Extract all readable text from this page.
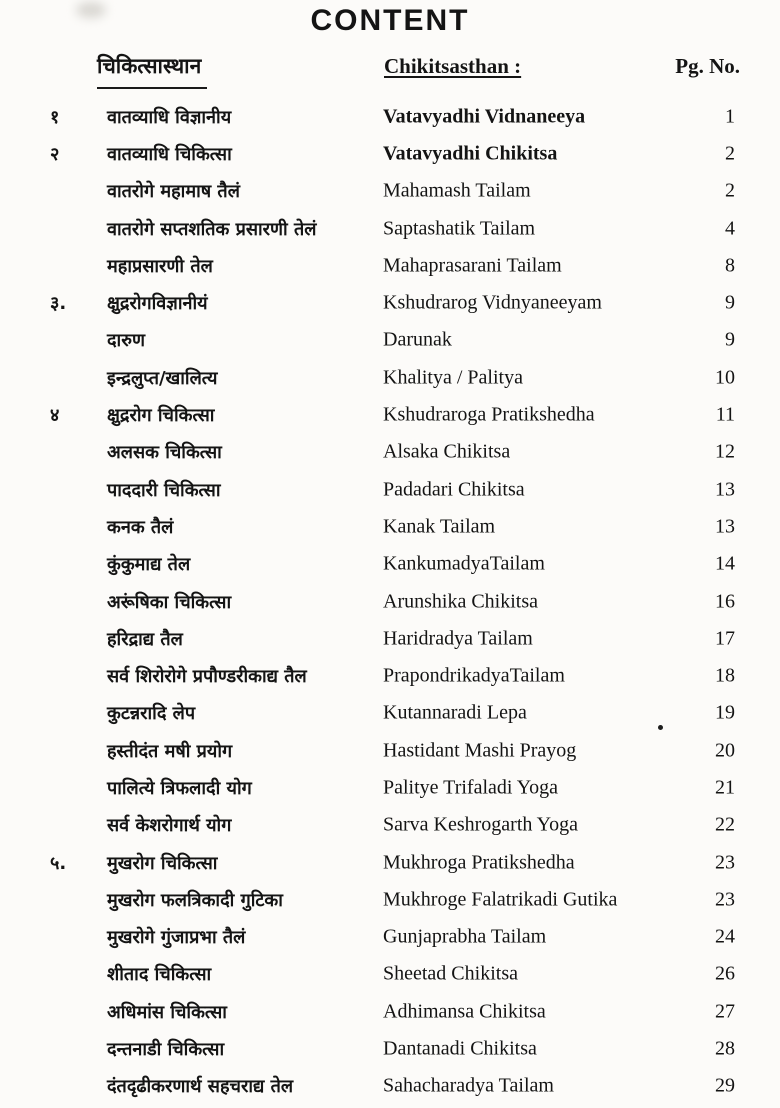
CONTENT
चिकित्सास्थान	Chikitsasthan :	Pg. No.
१	वातव्याधि विज्ञानीय	Vatavyadhi Vidnaneeya	1
२	वातव्याधि चिकित्सा	Vatavyadhi Chikitsa	2
वातरोगे महामाष तैलं	Mahamash Tailam	2
वातरोगे सप्तशतिक प्रसारणी तेलं	Saptashatik Tailam	4
महाप्रसारणी तेल	Mahaprasarani Tailam	8
३. क्षुद्ररोगविज्ञानीयं	Kshudrarog Vidnyaneeyam	9
दारुण	Darunak	9
इन्द्रलुप्त/खालित्य	Khalitya / Palitya	10
४	क्षुद्ररोग चिकित्सा	Kshudraroga Pratikshedha	11
अलसक चिकित्सा	Alsaka Chikitsa	12
पाददारी चिकित्सा	Padadari Chikitsa	13
कनक तैलं	Kanak Tailam	13
कुंकुमाद्य तेल	KankumadyaTailam	14
अरूंषिका चिकित्सा	Arunshika Chikitsa	16
हरिद्राद्य तैल	Haridradya Tailam	17
सर्व शिरोरोगे प्रपौण्डरीकाद्य तैल	PrapondrikadyaTailam	18
कुटन्नरादि लेप	Kutannaradi Lepa	19
हस्तीदंत मषी प्रयोग	Hastidant Mashi Prayog	20
पालित्ये त्रिफलादी योग	Palitye Trifaladi Yoga	21
सर्व केशरोगार्थ योग	Sarva Keshrogarth Yoga	22
५. मुखरोग चिकित्सा	Mukhroga Pratikshedha	23
मुखरोग फलत्रिकादी गुटिका	Mukhroge Falatrikadi Gutika	23
मुखरोगे गुंजाप्रभा तैलं	Gunjaprabha Tailam	24
शीताद चिकित्सा	Sheetad Chikitsa	26
अधिमांस चिकित्सा	Adhimansa Chikitsa	27
दन्तनाडी चिकित्सा	Dantanadi Chikitsa	28
दंतदृढीकरणार्थ सहचराद्य तेल	Sahacharadya Tailam	29
